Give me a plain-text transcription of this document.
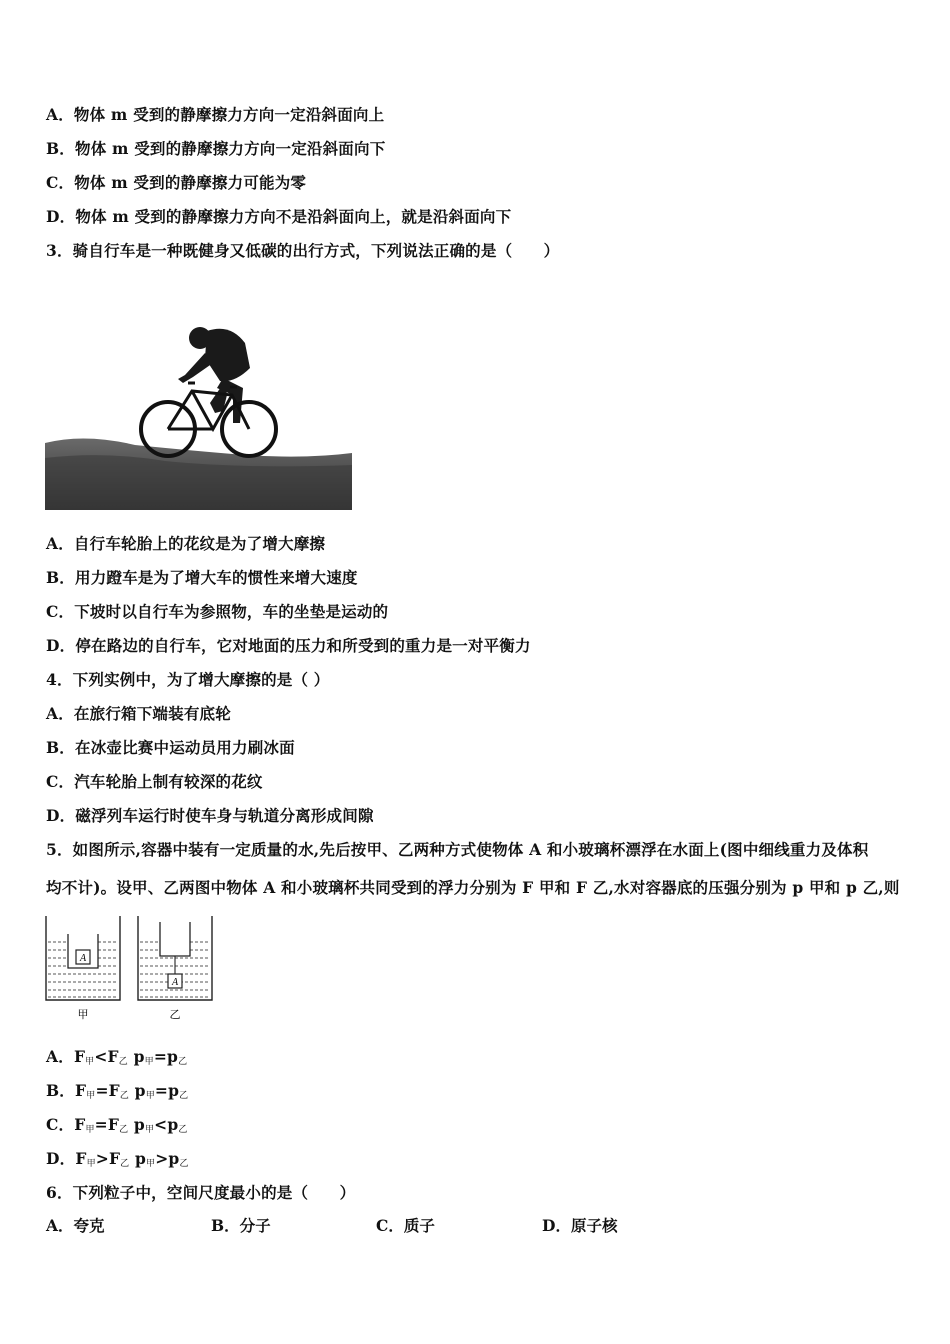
A．物体 m 受到的静摩擦力方向一定沿斜面向上
B．物体 m 受到的静摩擦力方向一定沿斜面向下
C．物体 m 受到的静摩擦力可能为零
D．物体 m 受到的静摩擦力方向不是沿斜面向上，就是沿斜面向下
3．骑自行车是一种既健身又低碳的出行方式，下列说法正确的是（　　）
A．自行车轮胎上的花纹是为了增大摩擦
B．用力蹬车是为了增大车的惯性来增大速度
C．下坡时以自行车为参照物，车的坐垫是运动的
D．停在路边的自行车，它对地面的压力和所受到的重力是一对平衡力
4．下列实例中，为了增大摩擦的是（ ）
A．在旅行箱下端装有底轮
B．在冰壶比赛中运动员用力刷冰面
C．汽车轮胎上制有较深的花纹
D．磁浮列车运行时使车身与轨道分离形成间隙
5．如图所示,容器中装有一定质量的水,先后按甲、乙两种方式使物体 A 和小玻璃杯漂浮在水面上(图中细线重力及体积
均不计)。设甲、乙两图中物体 A 和小玻璃杯共同受到的浮力分别为 F 甲和 F 乙,水对容器底的压强分别为 p 甲和 p 乙,则
A
A
甲	乙
A．$F_甲<F_乙$ $p_甲=p_乙$
B．$F_甲=F_乙$ $p_甲=p_乙$
C．$F_甲=F_乙$ $p_甲<p_乙$
D．$F_甲>F_乙$ $p_甲>p_乙$
6．下列粒子中，空间尺度最小的是（　　）
A．夸克	B．分子	C．质子	D．原子核
